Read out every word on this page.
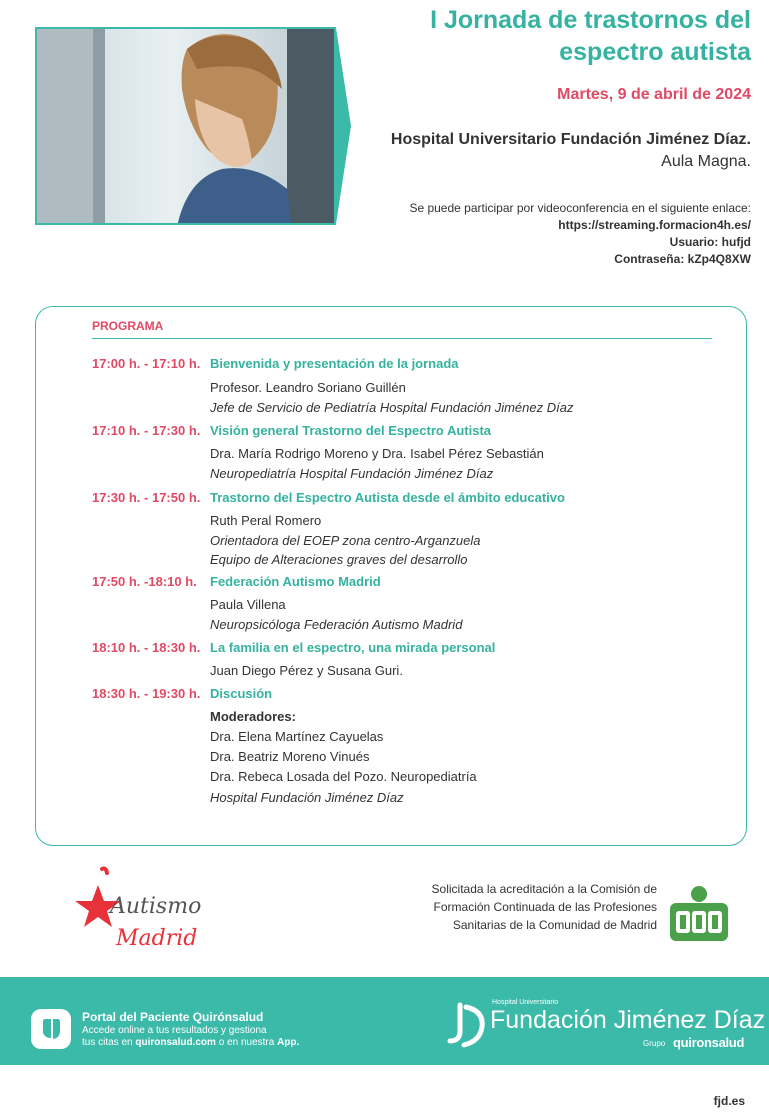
I Jornada de trastornos del
espectro autista
Martes, 9 de abril de 2024
Hospital Universitario Fundación Jiménez Díaz.
Aula Magna.
Se puede participar por videoconferencia en el siguiente enlace:
https://streaming.formacion4h.es/
Usuario: hufjd
Contraseña: kZp4Q8XW
PROGRAMA
17:00 h. - 17:10 h. Bienvenida y presentación de la jornada
Profesor. Leandro Soriano Guillén
Jefe de Servicio de Pediatría Hospital Fundación Jiménez Díaz
17:10 h. - 17:30 h. Visión general Trastorno del Espectro Autista
Dra. María Rodrigo Moreno y Dra. Isabel Pérez Sebastián
Neuropediatría Hospital Fundación Jiménez Díaz
17:30 h. - 17:50 h. Trastorno del Espectro Autista desde el ámbito educativo
Ruth Peral Romero
Orientadora del EOEP zona centro-Arganzuela
Equipo de Alteraciones graves del desarrollo
17:50 h. -18:10 h. Federación Autismo Madrid
Paula Villena
Neuropsicóloga Federación Autismo Madrid
18:10 h. - 18:30 h. La familia en el espectro, una mirada personal
Juan Diego Pérez y Susana Guri.
18:30 h. - 19:30 h. Discusión
Moderadores:
Dra. Elena Martínez Cayuelas
Dra. Beatriz Moreno Vinués
Dra. Rebeca Losada del Pozo. Neuropediatría
Hospital Fundación Jiménez Díaz
Autismo
Madrid
Solicitada la acreditación a la Comisión de
Formación Continuada de las Profesiones
Sanitarias de la Comunidad de Madrid
Portal del Paciente Quirónsalud
Accede online a tus resultados y gestiona
tus citas en quironsalud.com o en nuestra App.
Hospital Universitario
Fundación Jiménez Díaz
Grupo quironsalud
fjd.es
